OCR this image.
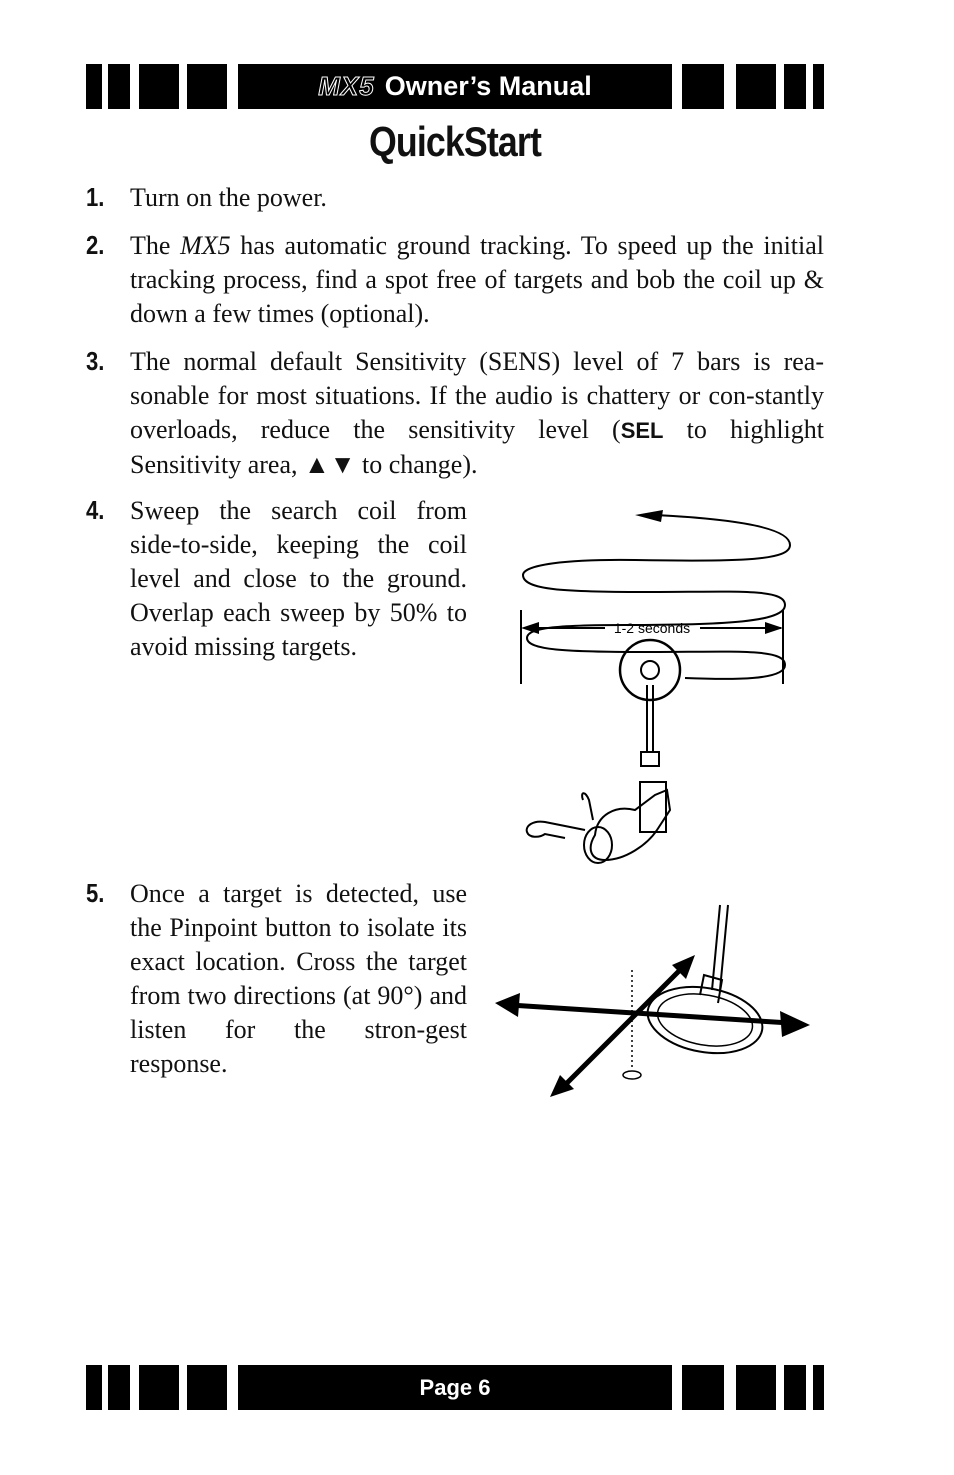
MX5 Owner’s Manual
QuickStart
1. Turn on the power.
2. The MX5 has automatic ground tracking. To speed up the initial tracking process, find a spot free of targets and bob the coil up & down a few times (optional).
3. The normal default Sensitivity (SENS) level of 7 bars is rea-sonable for most situations. If the audio is chattery or con-stantly overloads, reduce the sensitivity level (SEL to highlight Sensitivity area, ▲▼ to change).
4. Sweep the search coil from side-to-side, keeping the coil level and close to the ground. Overlap each sweep by 50% to avoid missing targets.
1-2 seconds
5. Once a target is detected, use the Pinpoint button to isolate its exact location. Cross the target from two directions (at 90°) and listen for the stron-gest response.
Page 6
